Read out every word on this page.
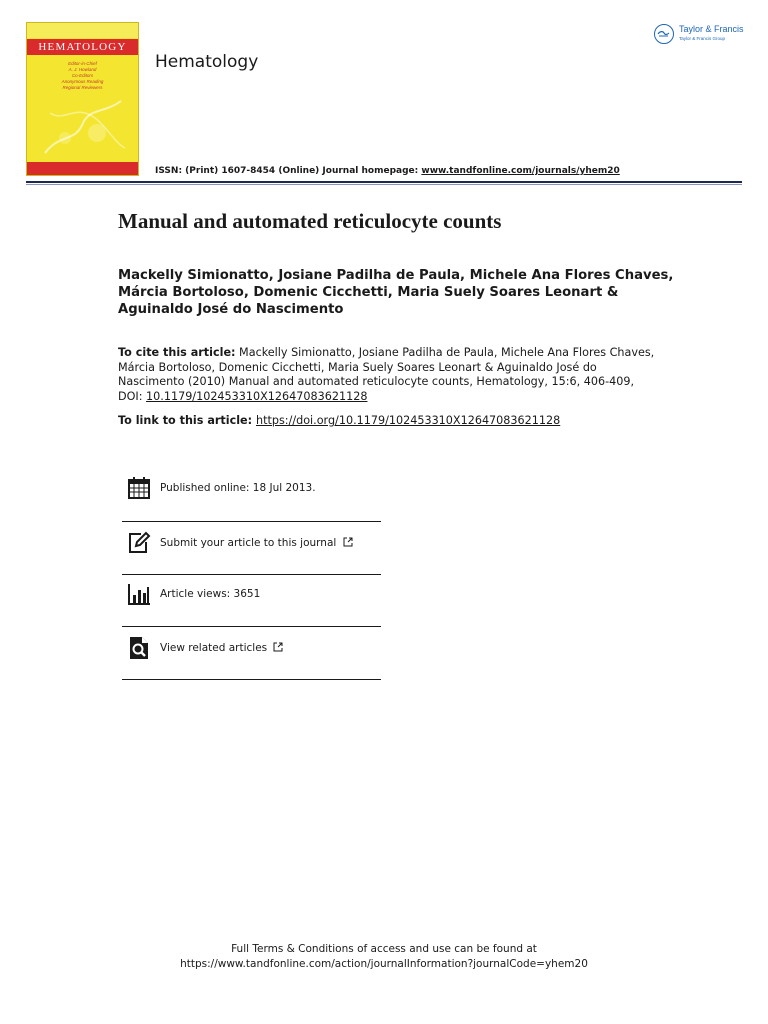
HEMATOLOGY
Editor-in-Chief
A. J. Howland
Co-Editors
Anonymous Reading
Regional Reviewers
Hematology
ISSN: (Print) 1607-8454 (Online) Journal homepage: www.tandfonline.com/journals/yhem20
Taylor & Francis
Taylor & Francis Group
Manual and automated reticulocyte counts
Mackelly Simionatto, Josiane Padilha de Paula, Michele Ana Flores Chaves,
Márcia Bortoloso, Domenic Cicchetti, Maria Suely Soares Leonart &
Aguinaldo José do Nascimento
To cite this article: Mackelly Simionatto, Josiane Padilha de Paula, Michele Ana Flores Chaves,
Márcia Bortoloso, Domenic Cicchetti, Maria Suely Soares Leonart & Aguinaldo José do
Nascimento (2010) Manual and automated reticulocyte counts, Hematology, 15:6, 406-409,
DOI: 10.1179/102453310X12647083621128
To link to this article: https://doi.org/10.1179/102453310X12647083621128
Published online: 18 Jul 2013.
Submit your article to this journal
Article views: 3651
View related articles
Full Terms & Conditions of access and use can be found at
https://www.tandfonline.com/action/journalInformation?journalCode=yhem20
